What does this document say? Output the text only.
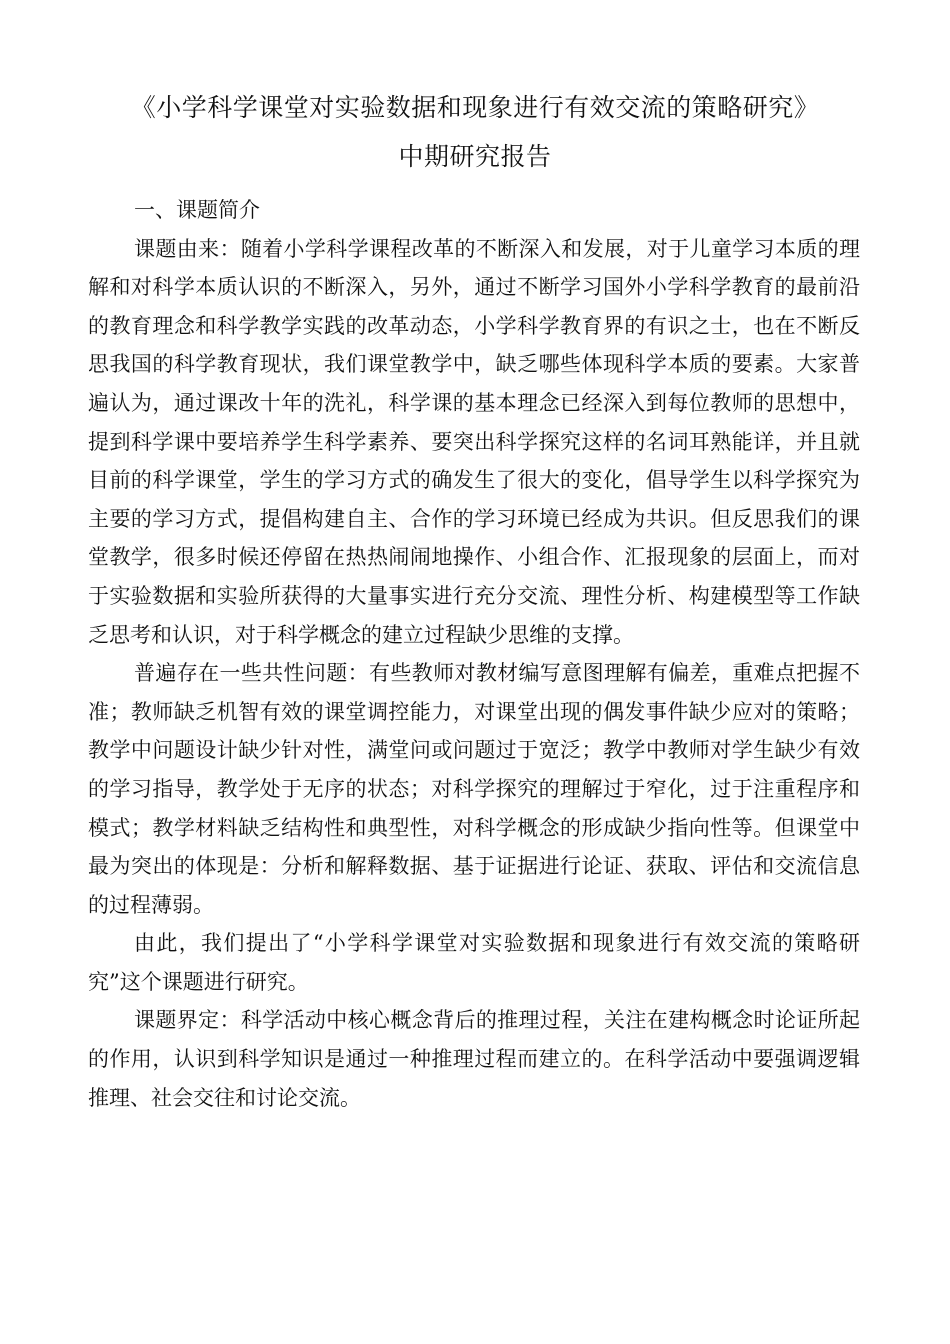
《小学科学课堂对实验数据和现象进行有效交流的策略研究》
中期研究报告

一、课题简介

课题由来：随着小学科学课程改革的不断深入和发展，对于儿童学习本质的理解和对科学本质认识的不断深入，另外，通过不断学习国外小学科学教育的最前沿的教育理念和科学教学实践的改革动态，小学科学教育界的有识之士，也在不断反思我国的科学教育现状，我们课堂教学中，缺乏哪些体现科学本质的要素。大家普遍认为，通过课改十年的洗礼，科学课的基本理念已经深入到每位教师的思想中，提到科学课中要培养学生科学素养、要突出科学探究这样的名词耳熟能详，并且就目前的科学课堂，学生的学习方式的确发生了很大的变化，倡导学生以科学探究为主要的学习方式，提倡构建自主、合作的学习环境已经成为共识。但反思我们的课堂教学，很多时候还停留在热热闹闹地操作、小组合作、汇报现象的层面上，而对于实验数据和实验所获得的大量事实进行充分交流、理性分析、构建模型等工作缺乏思考和认识，对于科学概念的建立过程缺少思维的支撑。

普遍存在一些共性问题：有些教师对教材编写意图理解有偏差，重难点把握不准；教师缺乏机智有效的课堂调控能力，对课堂出现的偶发事件缺少应对的策略；教学中问题设计缺少针对性，满堂问或问题过于宽泛；教学中教师对学生缺少有效的学习指导，教学处于无序的状态；对科学探究的理解过于窄化，过于注重程序和模式；教学材料缺乏结构性和典型性，对科学概念的形成缺少指向性等。但课堂中最为突出的体现是：分析和解释数据、基于证据进行论证、获取、评估和交流信息的过程薄弱。

由此，我们提出了“小学科学课堂对实验数据和现象进行有效交流的策略研究”这个课题进行研究。

课题界定：科学活动中核心概念背后的推理过程，关注在建构概念时论证所起的作用，认识到科学知识是通过一种推理过程而建立的。在科学活动中要强调逻辑推理、社会交往和讨论交流。
